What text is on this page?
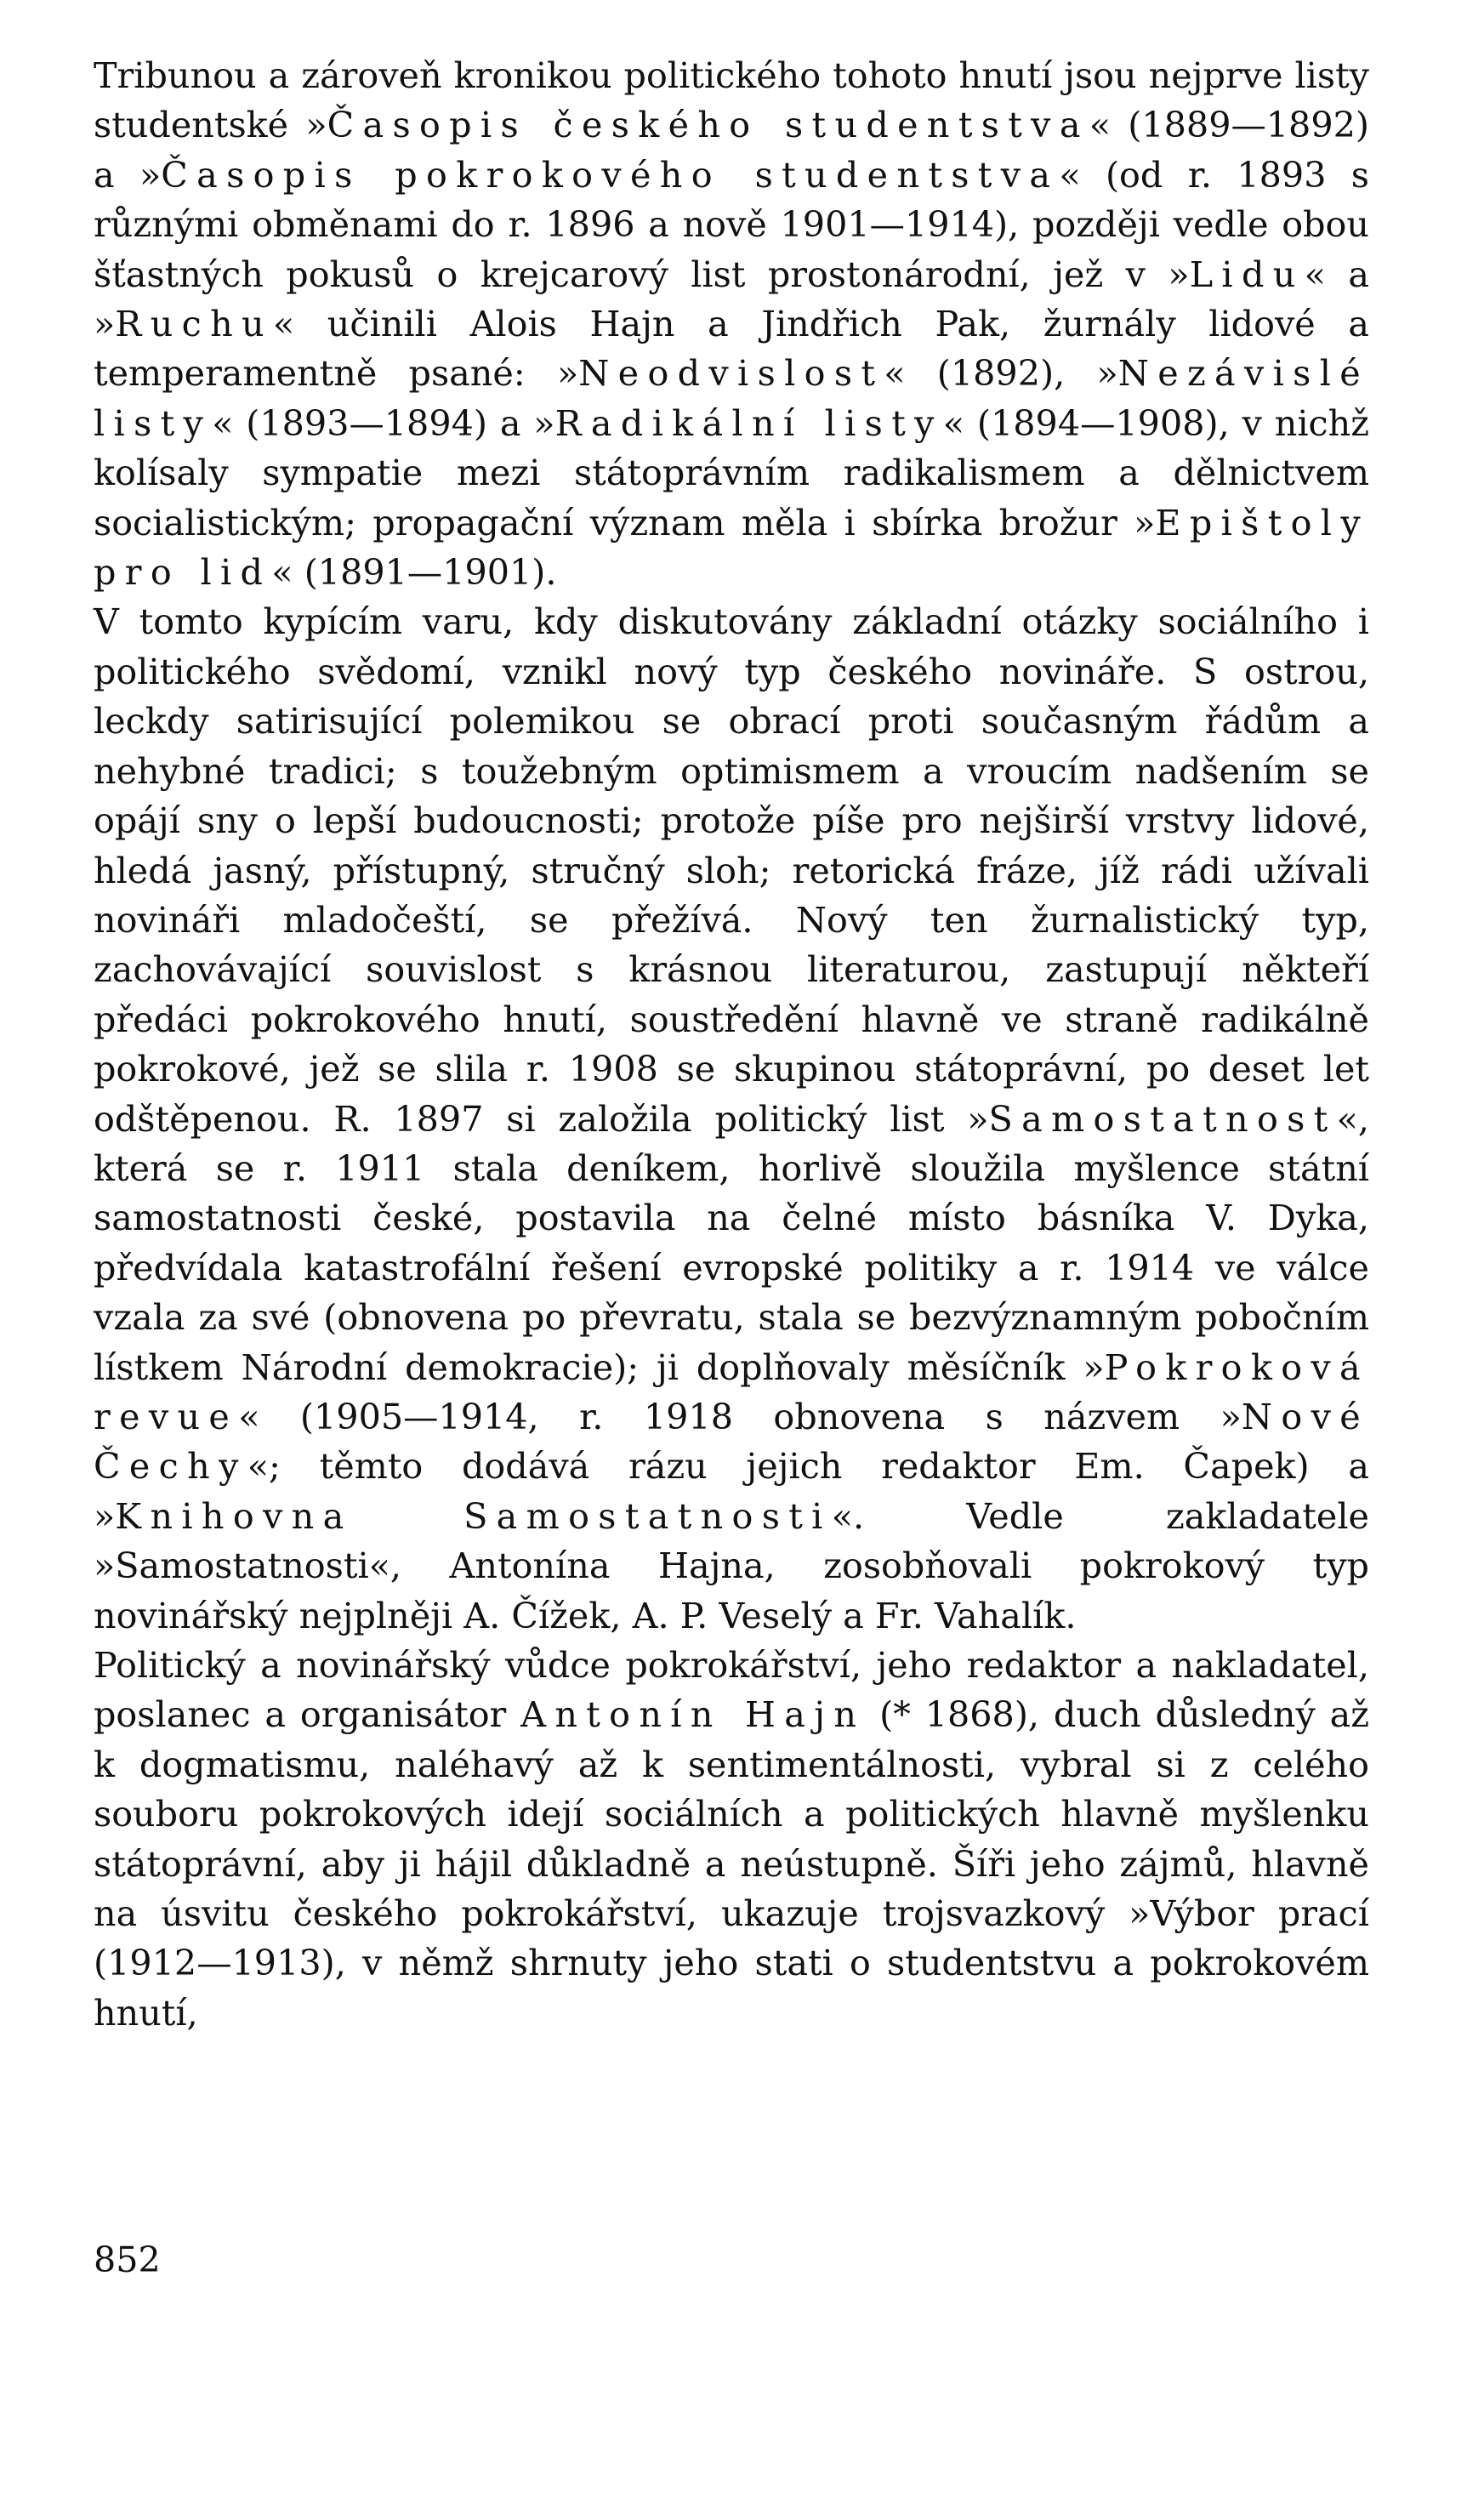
Tribunou a zároveň kronikou politického tohoto hnutí jsou nejprve listy studentské »Časopis českého studentstva« (1889—1892) a »Časopis pokrokového studentstva« (od r. 1893 s různými obměnami do r. 1896 a nově 1901—1914), později vedle obou šťastných pokusů o krejcarový list prostonárodní, jež v »Lidu« a »Ruchu« učinili Alois Hajn a Jindřich Pak, žurnály lidové a temperamentně psané: »Neodvislost« (1892), »Nezávislé listy« (1893—1894) a »Radikální listy« (1894—1908), v nichž kolísaly sympatie mezi státoprávním radikalismem a dělnictvem socialistickým; propagační význam měla i sbírka brožur »Epištoly pro lid« (1891—1901).

V tomto kypícím varu, kdy diskutovány základní otázky sociálního i politického svědomí, vznikl nový typ českého novináře. S ostrou, leckdy satirisující polemikou se obrací proti současným řádům a nehybné tradici; s toužebným optimismem a vroucím nadšením se opájí sny o lepší budoucnosti; protože píše pro nejširší vrstvy lidové, hledá jasný, přístupný, stručný sloh; retorická fráze, jíž rádi užívali novináři mladočeští, se přežívá. Nový ten žurnalistický typ, zachovávající souvislost s krásnou literaturou, zastupují někteří předáci pokrokového hnutí, soustředění hlavně ve straně radikálně pokrokové, jež se slila r. 1908 se skupinou státoprávní, po deset let odštěpenou. R. 1897 si založila politický list »Samostatnost«, která se r. 1911 stala deníkem, horlivě sloužila myšlence státní samostatnosti české, postavila na čelné místo básníka V. Dyka, předvídala katastrofální řešení evropské politiky a r. 1914 ve válce vzala za své (obnovena po převratu, stala se bezvýznamným pobočním lístkem Národní demokracie); ji doplňovaly měsíčník »Pokroková revue« (1905—1914, r. 1918 obnovena s názvem »Nové Čechy«; těmto dodává rázu jejich redaktor Em. Čapek) a »Knihovna Samostatnosti«. Vedle zakladatele »Samostatnosti«, Antonína Hajna, zosobňovali pokrokový typ novinářský nejplněji A. Čížek, A. P. Veselý a Fr. Vahalík.

Politický a novinářský vůdce pokrokářství, jeho redaktor a nakladatel, poslanec a organisátor Antonín Hajn (* 1868), duch důsledný až k dogmatismu, naléhavý až k sentimentálnosti, vybral si z celého souboru pokrokových idejí sociálních a politických hlavně myšlenku státoprávní, aby ji hájil důkladně a neústupně. Šíři jeho zájmů, hlavně na úsvitu českého pokrokářství, ukazuje trojsvazkový »Výbor prací (1912—1913), v němž shrnuty jeho stati o studentstvu a pokrokovém hnutí,

852
